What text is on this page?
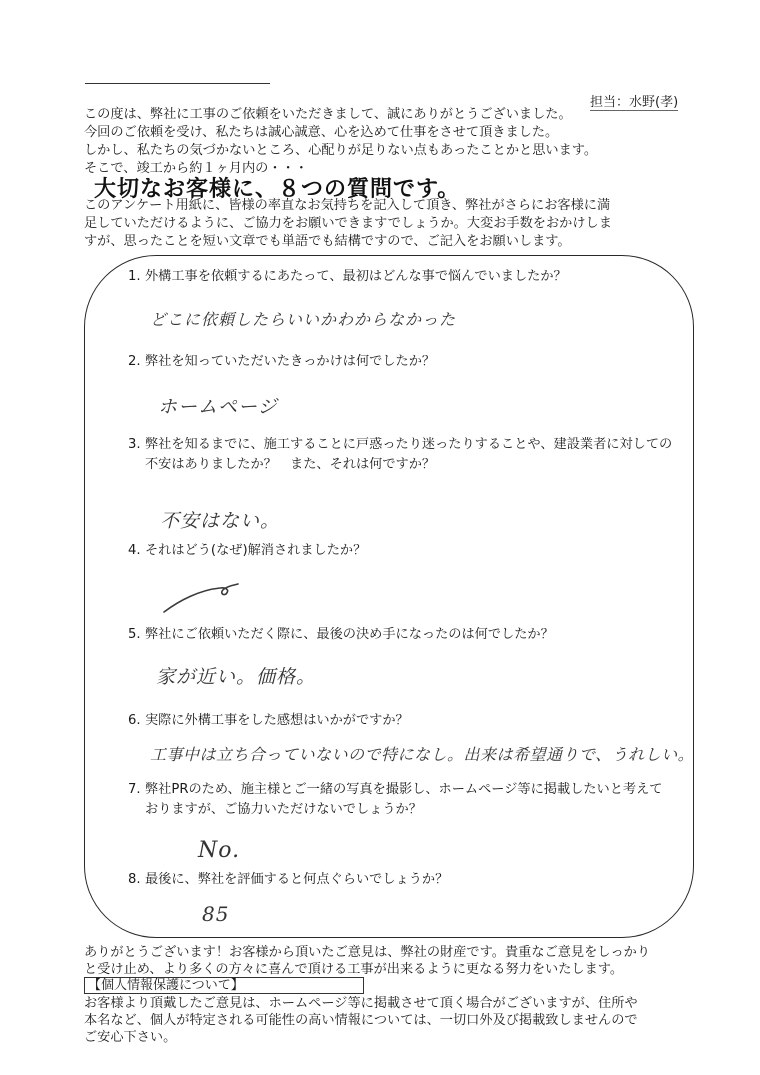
担当：水野(孝)
この度は、弊社に工事のご依頼をいただきまして、誠にありがとうございました。
今回のご依頼を受け、私たちは誠心誠意、心を込めて仕事をさせて頂きました。
しかし、私たちの気づかないところ、心配りが足りない点もあったことかと思います。
そこで、竣工から約１ヶ月内の・・・
大切なお客様に、８つの質問です。
このアンケート用紙に、皆様の率直なお気持ちを記入して頂き、弊社がさらにお客様に満
足していただけるように、ご協力をお願いできますでしょうか。大変お手数をおかけしま
すが、思ったことを短い文章でも単語でも結構ですので、ご記入をお願いします。
1. 外構工事を依頼するにあたって、最初はどんな事で悩んでいましたか？
どこに依頼したらいいかわからなかった
2. 弊社を知っていただいたきっかけは何でしたか？
ホームページ
3. 弊社を知るまでに、施工することに戸惑ったり迷ったりすることや、建設業者に対しての
不安はありましたか？　また、それは何ですか？
不安はない。
4. それはどう(なぜ)解消されましたか？
5. 弊社にご依頼いただく際に、最後の決め手になったのは何でしたか？
家が近い。価格。
6. 実際に外構工事をした感想はいかがですか？
工事中は立ち合っていないので特になし。出来は希望通りで、うれしい。
7. 弊社PRのため、施主様とご一緒の写真を撮影し、ホームページ等に掲載したいと考えて
おりますが、ご協力いただけないでしょうか？
No.
8. 最後に、弊社を評価すると何点ぐらいでしょうか？
85
ありがとうございます！お客様から頂いたご意見は、弊社の財産です。貴重なご意見をしっかり
と受け止め、より多くの方々に喜んで頂ける工事が出来るように更なる努力をいたします。
【個人情報保護について】
お客様より頂戴したご意見は、ホームページ等に掲載させて頂く場合がございますが、住所や
本名など、個人が特定される可能性の高い情報については、一切口外及び掲載致しませんので
ご安心下さい。
